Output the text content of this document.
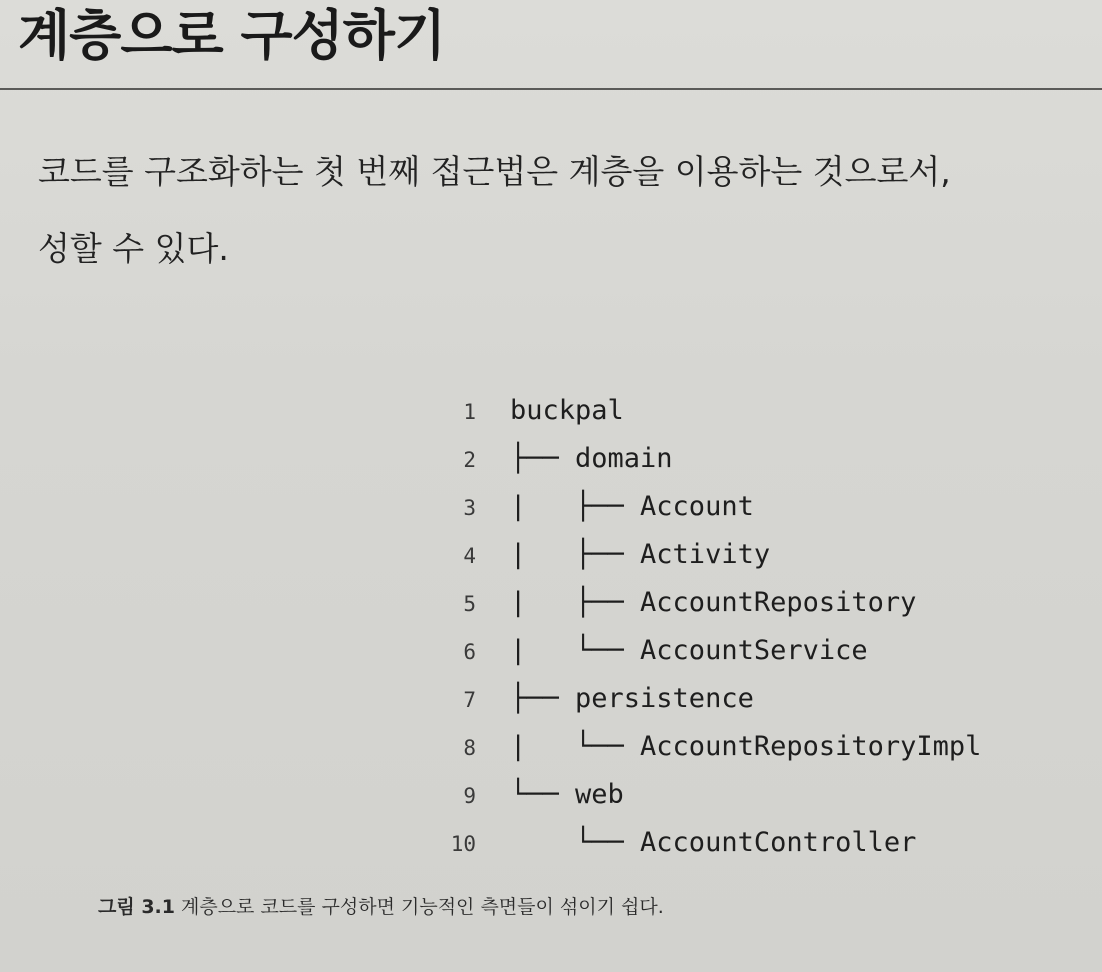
계층으로 구성하기

코드를 구조화하는 첫 번째 접근법은 계층을 이용하는 것으로서,

성할 수 있다.

1 buckpal
2 ├── domain
3 |   ├── Account
4 |   ├── Activity
5 |   ├── AccountRepository
6 |   └── AccountService
7 ├── persistence
8 |   └── AccountRepositoryImpl
9 └── web
10    └── AccountController

그림 3.1 계층으로 코드를 구성하면 기능적인 측면들이 섞이기 쉽다.
